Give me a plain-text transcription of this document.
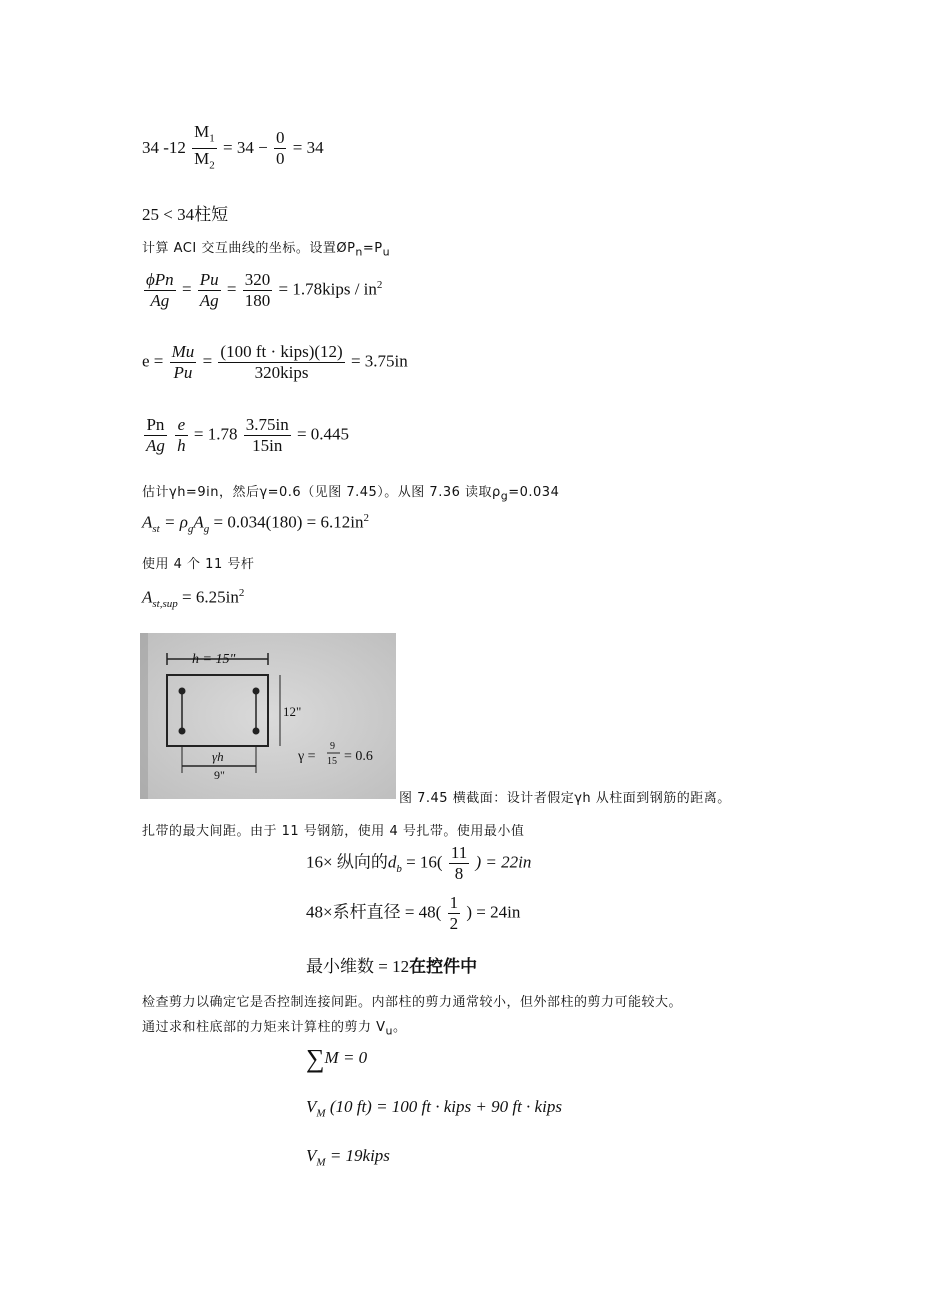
34 $-12 \frac{M_1}{M_2} = 34 - \frac{0}{0} = 34$
25 < 34柱短
计算 ACI 交互曲线的坐标。设置$ØP_n=P_u$
$\frac{\text{ϕPn}}{Ag} = \frac{Pu}{Ag} = \frac{320}{180}$ = 1.78kips / $in^2$
$e = \frac{Mu}{Pu} = \frac{\text{(100 ft · kips)(12)}}{\text{320kips}} = 3.75in$
$\frac{Pn}{Ag}$
$\frac{e}{h} = 1.78 \frac{3.75in}{15in} = 0.445$
估计γh=9in，然后γ=0.6（见图 7.45）。从图 7.36 读取$\rho_g=0.034$
$A_{st} = \rho_gA_g = 0.034(180) = 6.12in^2$
使用 4 个 11 号杆
$A_{st,sup} = 6.25in^2$
h = 15"
12"
γh
9"
γ =
9
15 = 0.6
图 7.45 横截面：设计者假定γh 从柱面到钢筋的距离。
扎带的最大间距。由于 11 号钢筋，使用 4 号扎带。使用最小值
16× 纵向的$d_b = 16( \frac{11}{8}$ ) = 22in
48×系杆直径 = $48( \frac{1}{2}$ ) = 24in
最小维数 = 12在控件中
检查剪力以确定它是否控制连接间距。内部柱的剪力通常较小，但外部柱的剪力可能较大。
通过求和柱底部的力矩来计算柱的剪力 $V_u$。
∑M = 0
$V_M$ (10 ft) = 100 ft · kips + 90 ft · kips
$V_M$ = 19kips
